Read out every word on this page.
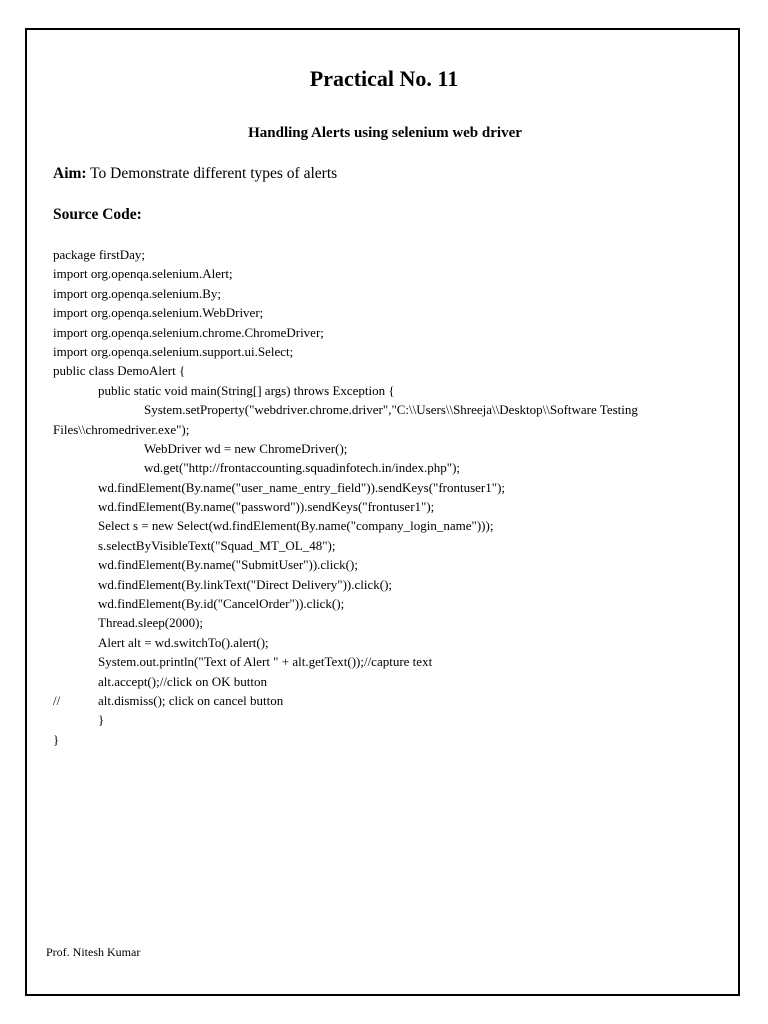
Practical No. 11
Handling Alerts using selenium web driver
Aim: To Demonstrate different types of alerts
Source Code:
package firstDay;
import org.openqa.selenium.Alert;
import org.openqa.selenium.By;
import org.openqa.selenium.WebDriver;
import org.openqa.selenium.chrome.ChromeDriver;
import org.openqa.selenium.support.ui.Select;
public class DemoAlert {
public static void main(String[] args) throws Exception {
System.setProperty("webdriver.chrome.driver","C:\\Users\\Shreeja\\Desktop\\Software Testing
Files\\chromedriver.exe");
WebDriver wd = new ChromeDriver();
wd.get("http://frontaccounting.squadinfotech.in/index.php");
wd.findElement(By.name("user_name_entry_field")).sendKeys("frontuser1");
wd.findElement(By.name("password")).sendKeys("frontuser1");
Select s = new Select(wd.findElement(By.name("company_login_name")));
s.selectByVisibleText("Squad_MT_OL_48");
wd.findElement(By.name("SubmitUser")).click();
wd.findElement(By.linkText("Direct Delivery")).click();
wd.findElement(By.id("CancelOrder")).click();
Thread.sleep(2000);
Alert alt = wd.switchTo().alert();
System.out.println("Text of Alert " + alt.getText());//capture text
alt.accept();//click on OK button
//	alt.dismiss(); click on cancel button
}
}
Prof. Nitesh Kumar
